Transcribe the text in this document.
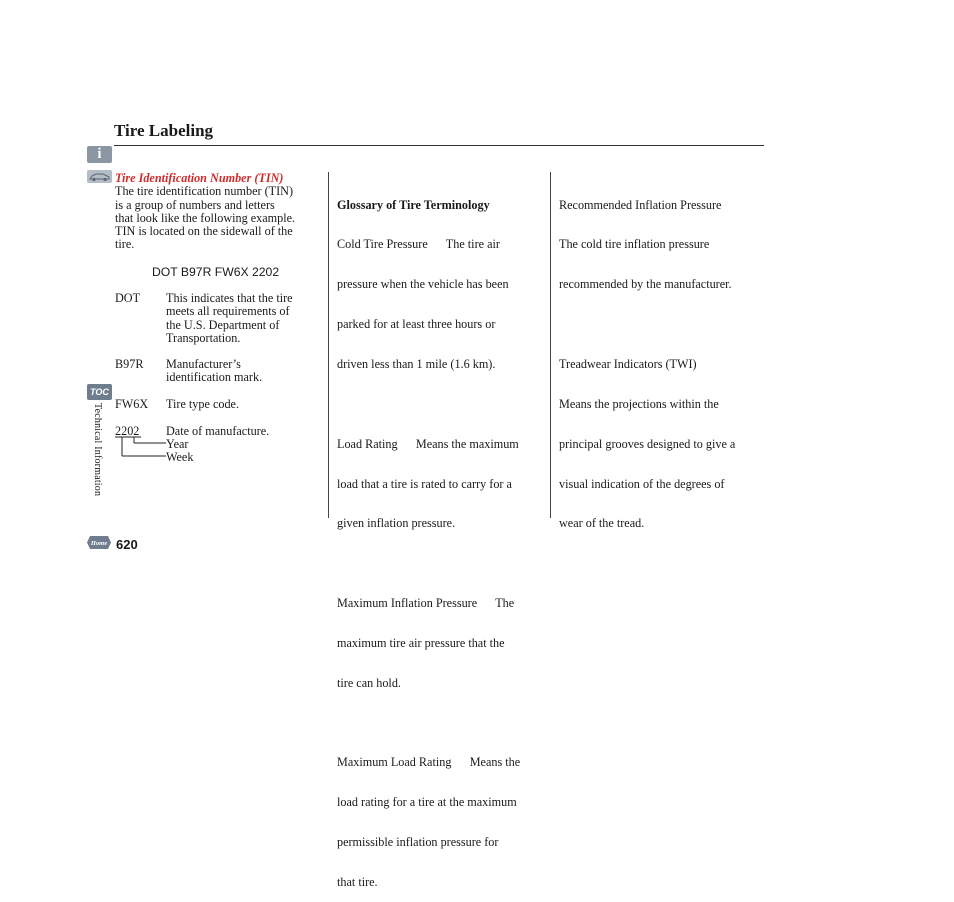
i
TOC
Technical Information
Home 620
Tire Labeling

Tire Identification Number (TIN)

The tire identification number (TIN)

is a group of numbers and letters

that look like the following example.

TIN is located on the sidewall of the

tire.

DOT B97R FW6X 2202
DOT This indicates that the tire
meets all requirements of
the U.S. Department of
Transportation.
B97R Manufacturer’s
identification mark.
FW6X Tire type code.
2202 Date of manufacture.
Year
Week

Glossary of Tire Terminology

Cold Tire Pressure      The tire air

pressure when the vehicle has been

parked for at least three hours or

driven less than 1 mile (1.6 km).

Load Rating      Means the maximum

load that a tire is rated to carry for a

given inflation pressure.

Maximum Inflation Pressure      The

maximum tire air pressure that the

tire can hold.

Maximum Load Rating      Means the

load rating for a tire at the maximum

permissible inflation pressure for

that tire.

Recommended Inflation Pressure

The cold tire inflation pressure

recommended by the manufacturer.

Treadwear Indicators (TWI)

Means the projections within the

principal grooves designed to give a

visual indication of the degrees of

wear of the tread.
